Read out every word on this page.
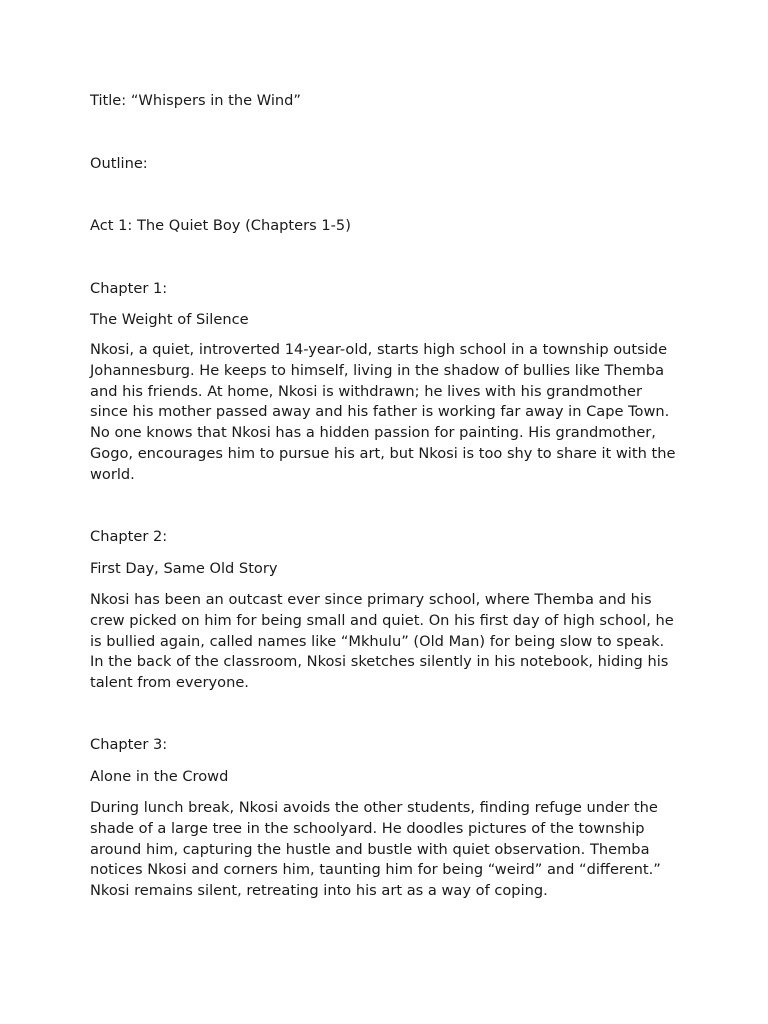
Title: “Whispers in the Wind”
Outline:
Act 1: The Quiet Boy (Chapters 1-5)
Chapter 1:
The Weight of Silence

Nkosi, a quiet, introverted 14-year-old, starts high school in a township outside Johannesburg. He keeps to himself, living in the shadow of bullies like Themba and his friends. At home, Nkosi is withdrawn; he lives with his grandmother since his mother passed away and his father is working far away in Cape Town. No one knows that Nkosi has a hidden passion for painting. His grandmother, Gogo, encourages him to pursue his art, but Nkosi is too shy to share it with the world.

Chapter 2:
First Day, Same Old Story

Nkosi has been an outcast ever since primary school, where Themba and his crew picked on him for being small and quiet. On his first day of high school, he is bullied again, called names like “Mkhulu” (Old Man) for being slow to speak. In the back of the classroom, Nkosi sketches silently in his notebook, hiding his talent from everyone.

Chapter 3:
Alone in the Crowd

During lunch break, Nkosi avoids the other students, finding refuge under the shade of a large tree in the schoolyard. He doodles pictures of the township around him, capturing the hustle and bustle with quiet observation. Themba notices Nkosi and corners him, taunting him for being “weird” and “different.” Nkosi remains silent, retreating into his art as a way of coping.
